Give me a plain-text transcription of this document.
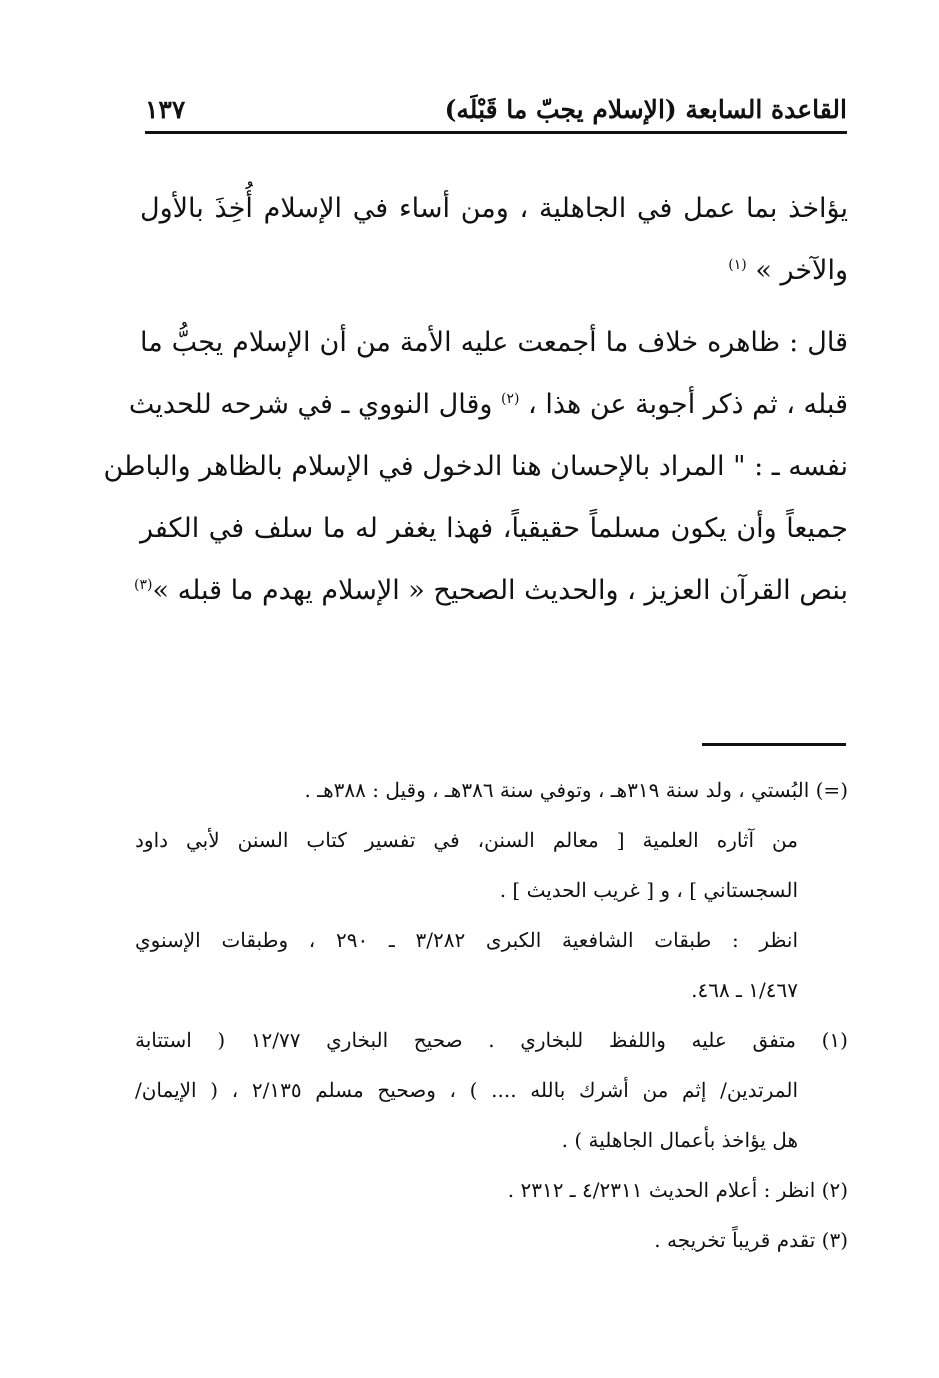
القاعدة السابعة (الإسلام يجبّ ما قَبْلَه)
١٣٧
يؤاخذ بما عمل في الجاهلية ، ومن أساء في الإسلام أُخِذَ بالأول
والآخر » $^{(١)}$
قال : ظاهره خلاف ما أجمعت عليه الأمة من أن الإسلام يجبُّ ما
قبله ، ثم ذكر أجوبة عن هذا ، $^{(٢)}$ وقال النووي ـ في شرحه للحديث
نفسه ـ : " المراد بالإحسان هنا الدخول في الإسلام بالظاهر والباطن
جميعاً وأن يكون مسلماً حقيقياً، فهذا يغفر له ما سلف في الكفر
بنص القرآن العزيز ، والحديث الصحيح « الإسلام يهدم ما قبله »$^{(٣)}$
(=) البُستي ، ولد سنة ٣١٩هـ ، وتوفي سنة ٣٨٦هـ ، وقيل : ٣٨٨هـ .
من آثاره العلمية [ معالم السنن، في تفسير كتاب السنن لأبي داود
السجستاني ] ، و [ غريب الحديث ] .
انظر : طبقات الشافعية الكبرى ٣/٢٨٢ ـ ٢٩٠ ، وطبقات الإسنوي
١/٤٦٧ ـ ٤٦٨.
(١) متفق عليه واللفظ للبخاري . صحيح البخاري ١٢/٧٧ ( استتابة
المرتدين/ إثم من أشرك بالله .... ) ، وصحيح مسلم ٢/١٣٥ ، ( الإيمان/
هل يؤاخذ بأعمال الجاهلية ) .
(٢) انظر : أعلام الحديث ٤/٢٣١١ ـ ٢٣١٢ .
(٣) تقدم قريباً تخريجه .
